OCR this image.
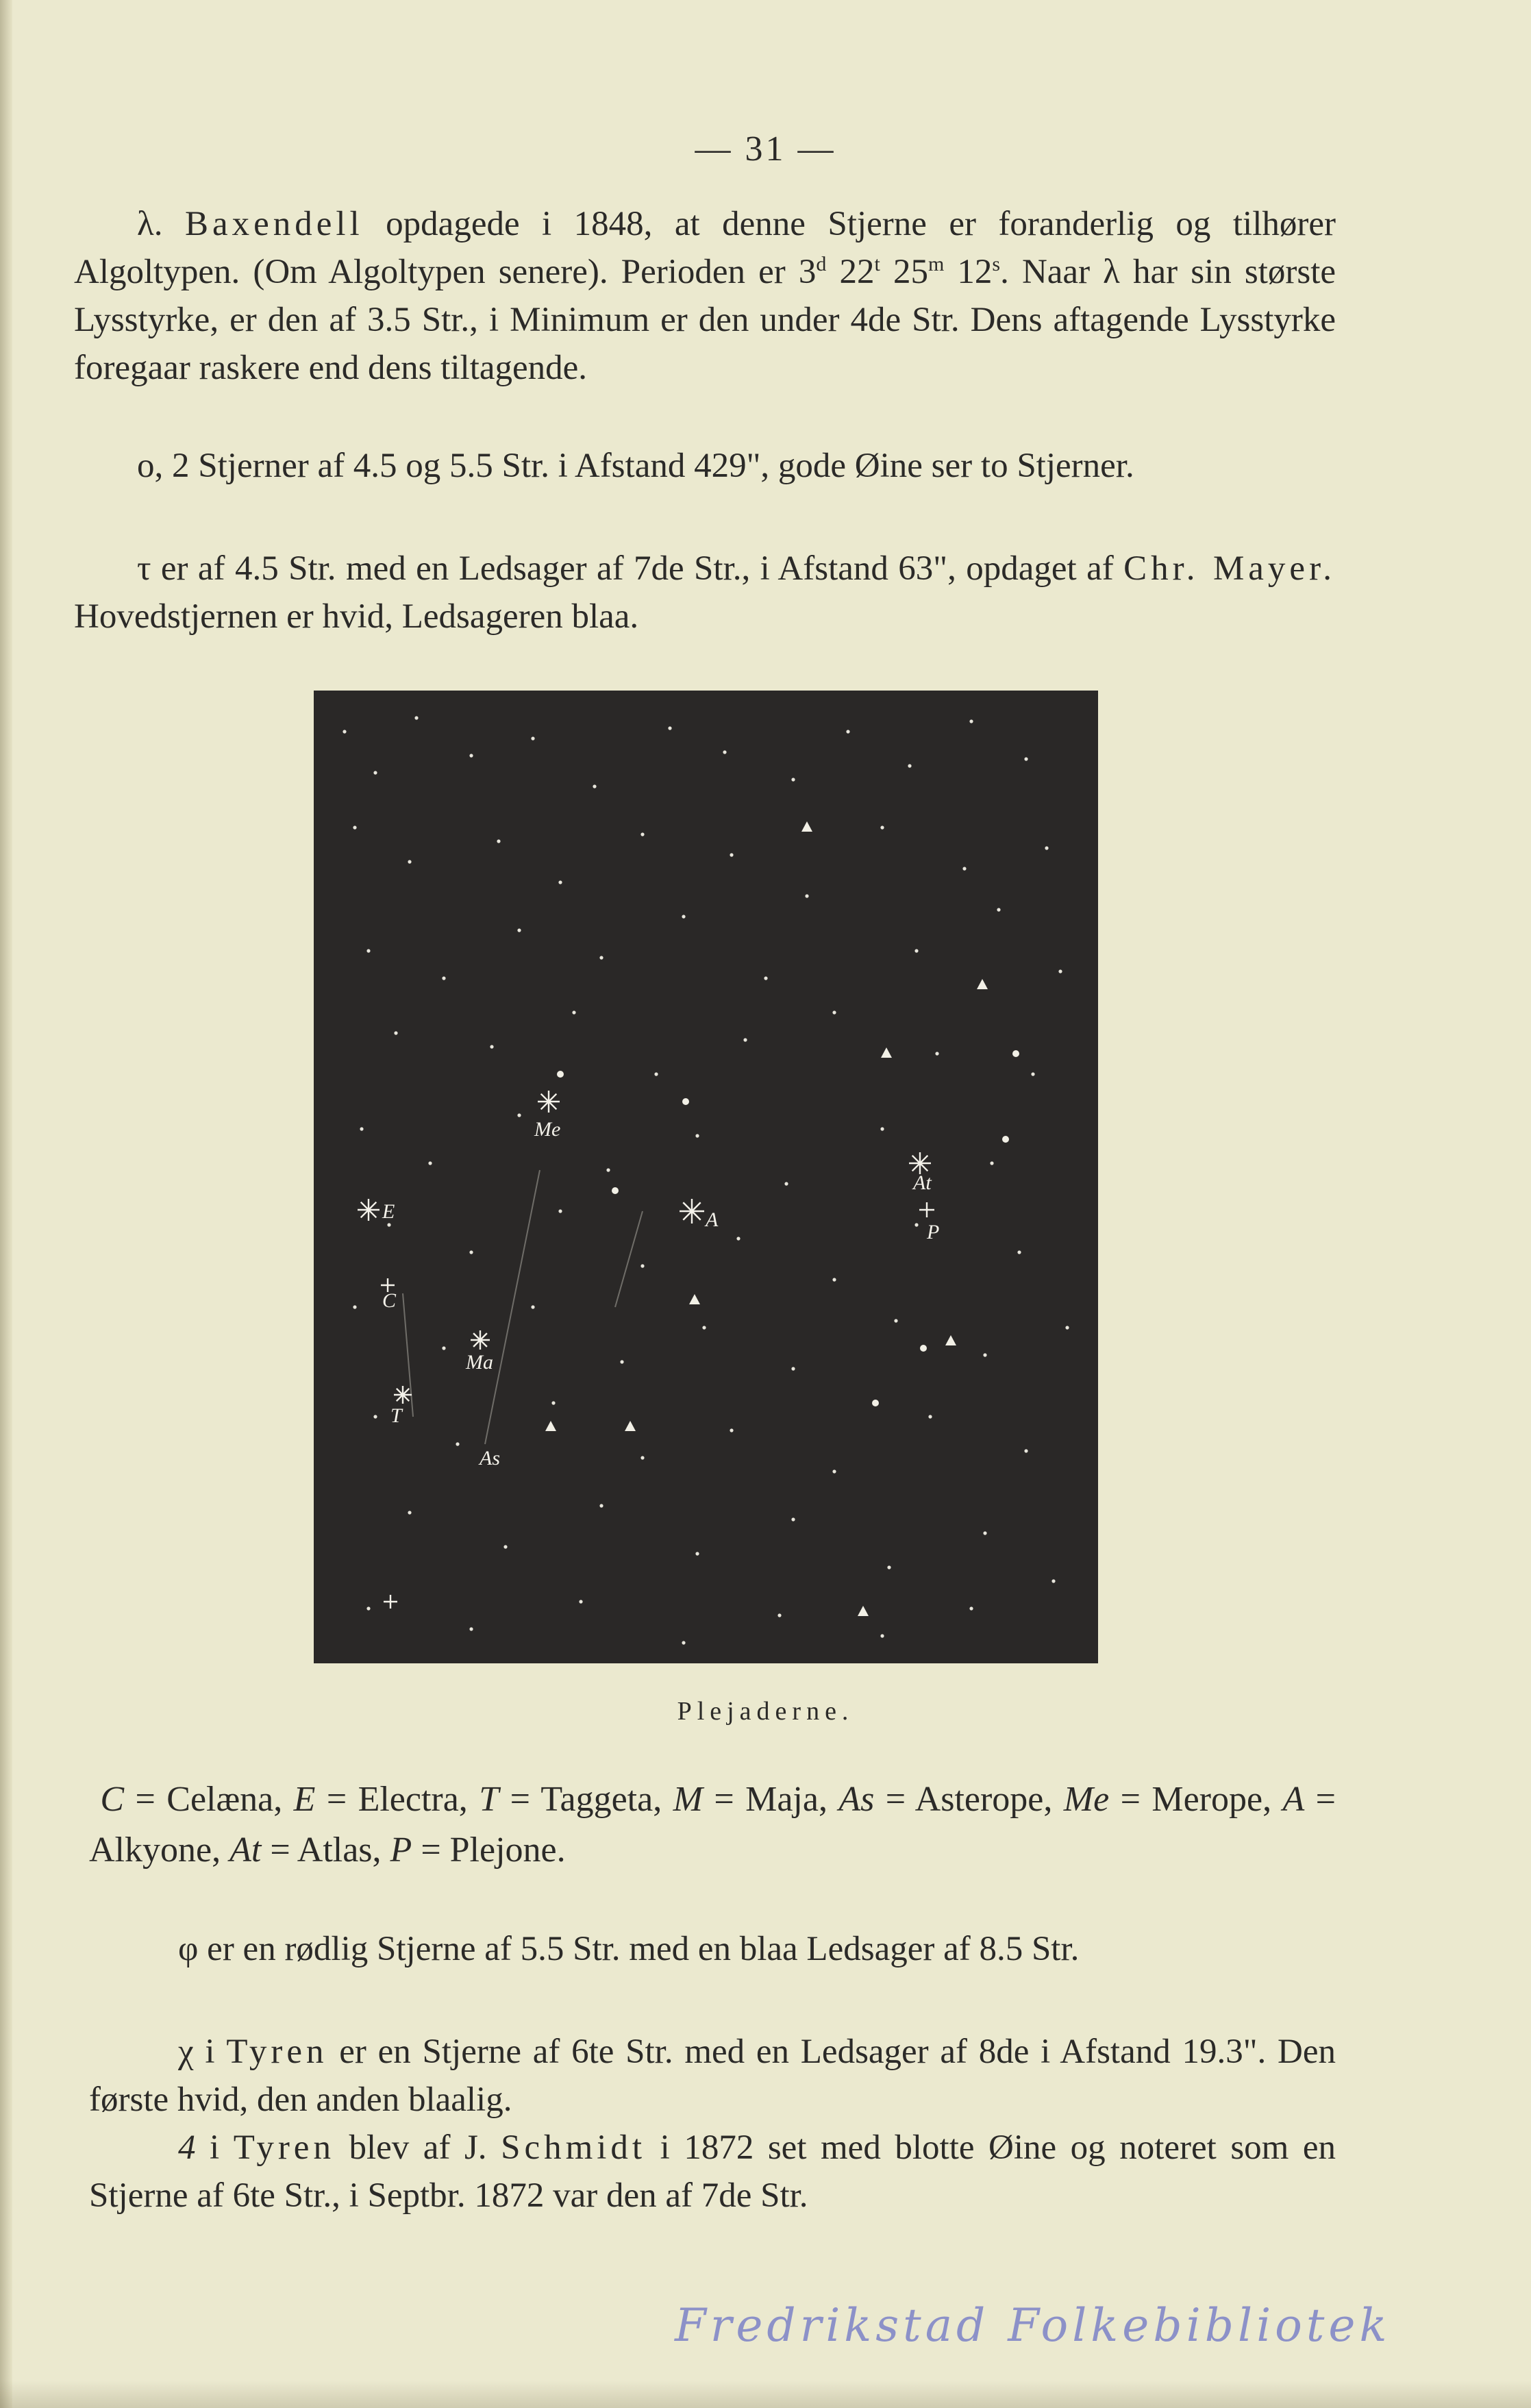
— 31 —

λ. Baxendell opdagede i 1848, at denne Stjerne er foranderlig og tilhører Algoltypen. (Om Algoltypen senere). Perioden er 3$^d$ 22$^t$ 25$^m$ 12$^s$. Naar λ har sin største Lysstyrke, er den af 3.5 Str., i Minimum er den under 4de Str. Dens aftagende Lysstyrke foregaar raskere end dens tiltagende.

o, 2 Stjerner af 4.5 og 5.5 Str. i Afstand 429", gode Øine ser to Stjerner.

τ er af 4.5 Str. med en Ledsager af 7de Str., i Afstand 63", opdaget af Chr. Mayer. Hovedstjernen er hvid, Ledsageren blaa.

Me
E	A
At
P
C
Ma
T
As
Plejaderne.
C = Celæna, E = Electra, T = Taggeta, M = Maja, As = Asterope, Me = Merope, A = Alkyone, At = Atlas, P = Plejone.

φ er en rødlig Stjerne af 5.5 Str. med en blaa Ledsager af 8.5 Str.

χ i Tyren er en Stjerne af 6te Str. med en Ledsager af 8de i Afstand 19.3". Den første hvid, den anden blaalig.

4 i Tyren blev af J. Schmidt i 1872 set med blotte Øine og noteret som en Stjerne af 6te Str., i Septbr. 1872 var den af 7de Str.

Fredrikstad Folkebibliotek
